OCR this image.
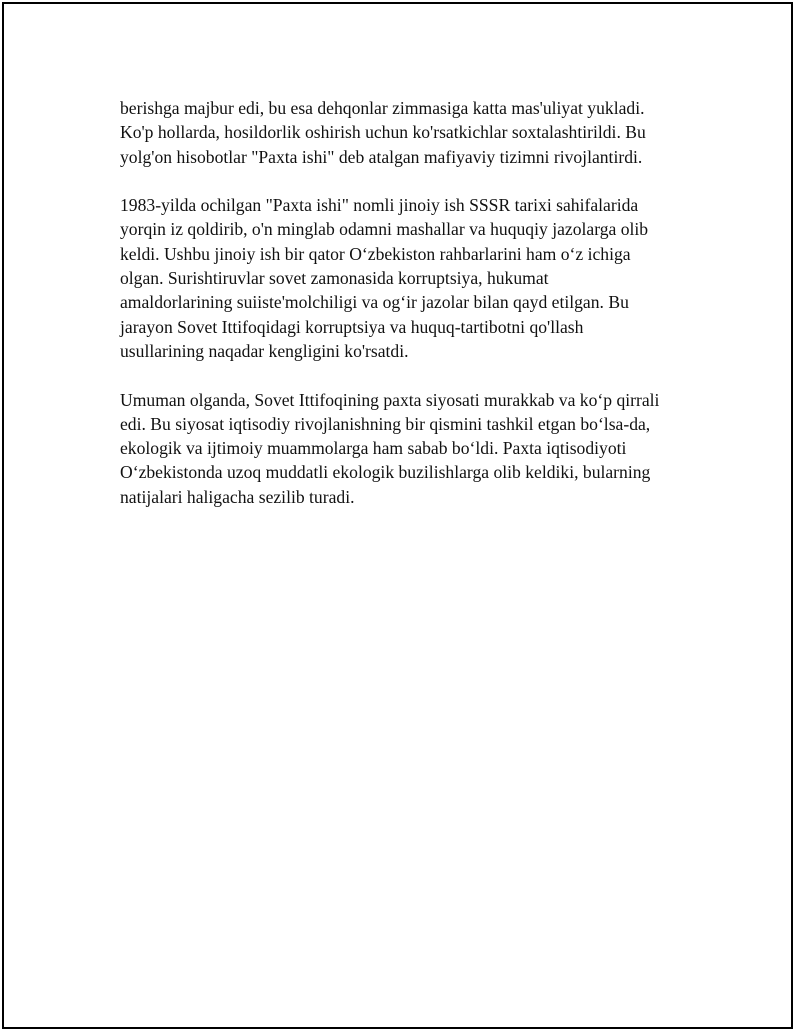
berishga majbur edi, bu esa dehqonlar zimmasiga katta mas'uliyat yukladi.
Ko'p hollarda, hosildorlik oshirish uchun ko'rsatkichlar soxtalashtirildi. Bu
yolg'on hisobotlar "Paxta ishi" deb atalgan mafiyaviy tizimni rivojlantirdi.

1983-yilda ochilgan "Paxta ishi" nomli jinoiy ish SSSR tarixi sahifalarida
yorqin iz qoldirib, o'n minglab odamni mashallar va huquqiy jazolarga olib
keldi. Ushbu jinoiy ish bir qator Oʻzbekiston rahbarlarini ham oʻz ichiga
olgan. Surishtiruvlar sovet zamonasida korruptsiya, hukumat
amaldorlarining suiiste'molchiligi va ogʻir jazolar bilan qayd etilgan. Bu
jarayon Sovet Ittifoqidagi korruptsiya va huquq-tartibotni qo'llash
usullarining naqadar kengligini ko'rsatdi.

Umuman olganda, Sovet Ittifoqining paxta siyosati murakkab va koʻp qirrali
edi. Bu siyosat iqtisodiy rivojlanishning bir qismini tashkil etgan boʻlsa-da,
ekologik va ijtimoiy muammolarga ham sabab boʻldi. Paxta iqtisodiyoti
Oʻzbekistonda uzoq muddatli ekologik buzilishlarga olib keldiki, bularning
natijalari haligacha sezilib turadi.
